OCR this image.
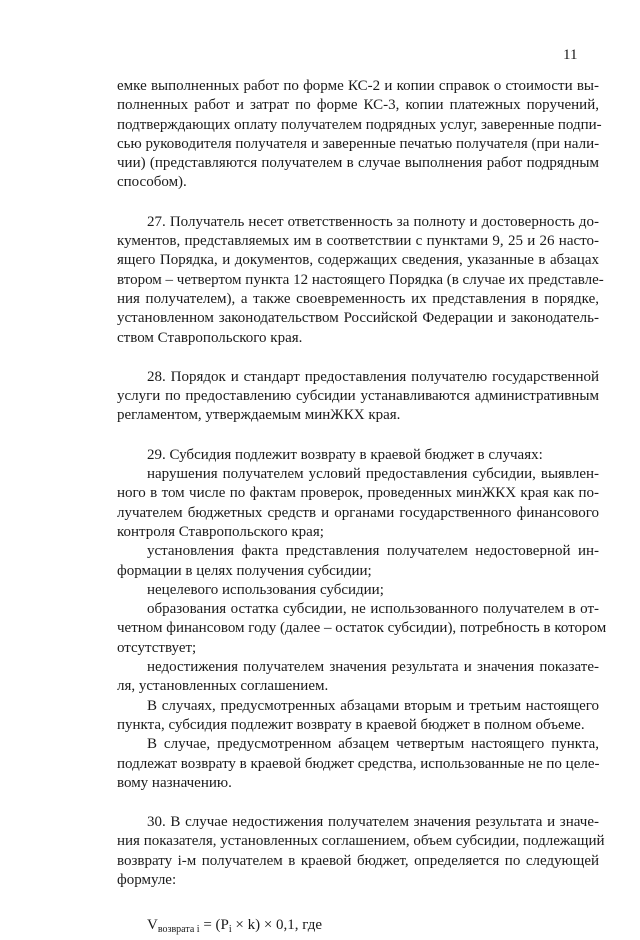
11
емке выполненных работ по форме КС-2 и копии справок о стоимости вы-
полненных работ и затрат по форме КС-3, копии платежных поручений,
подтверждающих оплату получателем подрядных услуг, заверенные подпи-
сью руководителя получателя и заверенные печатью получателя (при нали-
чии) (представляются получателем в случае выполнения работ подрядным
способом).
27. Получатель несет ответственность за полноту и достоверность до-
кументов, представляемых им в соответствии с пунктами 9, 25 и 26 насто-
ящего Порядка, и документов, содержащих сведения, указанные в абзацах
втором – четвертом пункта 12 настоящего Порядка (в случае их представле-
ния получателем), а также своевременность их представления в порядке,
установленном законодательством Российской Федерации и законодатель-
ством Ставропольского края.
28. Порядок и стандарт предоставления получателю государственной
услуги по предоставлению субсидии устанавливаются административным
регламентом, утверждаемым минЖКХ края.
29. Субсидия подлежит возврату в краевой бюджет в случаях:
нарушения получателем условий предоставления субсидии, выявлен-
ного в том числе по фактам проверок, проведенных минЖКХ края как по-
лучателем бюджетных средств и органами государственного финансового
контроля Ставропольского края;
установления факта представления получателем недостоверной ин-
формации в целях получения субсидии;
нецелевого использования субсидии;
образования остатка субсидии, не использованного получателем в от-
четном финансовом году (далее – остаток субсидии), потребность в котором
отсутствует;
недостижения получателем значения результата и значения показате-
ля, установленных соглашением.
В случаях, предусмотренных абзацами вторым и третьим настоящего
пункта, субсидия подлежит возврату в краевой бюджет в полном объеме.
В случае, предусмотренном абзацем четвертым настоящего пункта,
подлежат возврату в краевой бюджет средства, использованные не по целе-
вому назначению.
30. В случае недостижения получателем значения результата и значе-
ния показателя, установленных соглашением, объем субсидии, подлежащий
возврату i-м получателем в краевой бюджет, определяется по следующей
формуле:
$V_{возврата i} = (P_i \times k) \times 0,1$, где
